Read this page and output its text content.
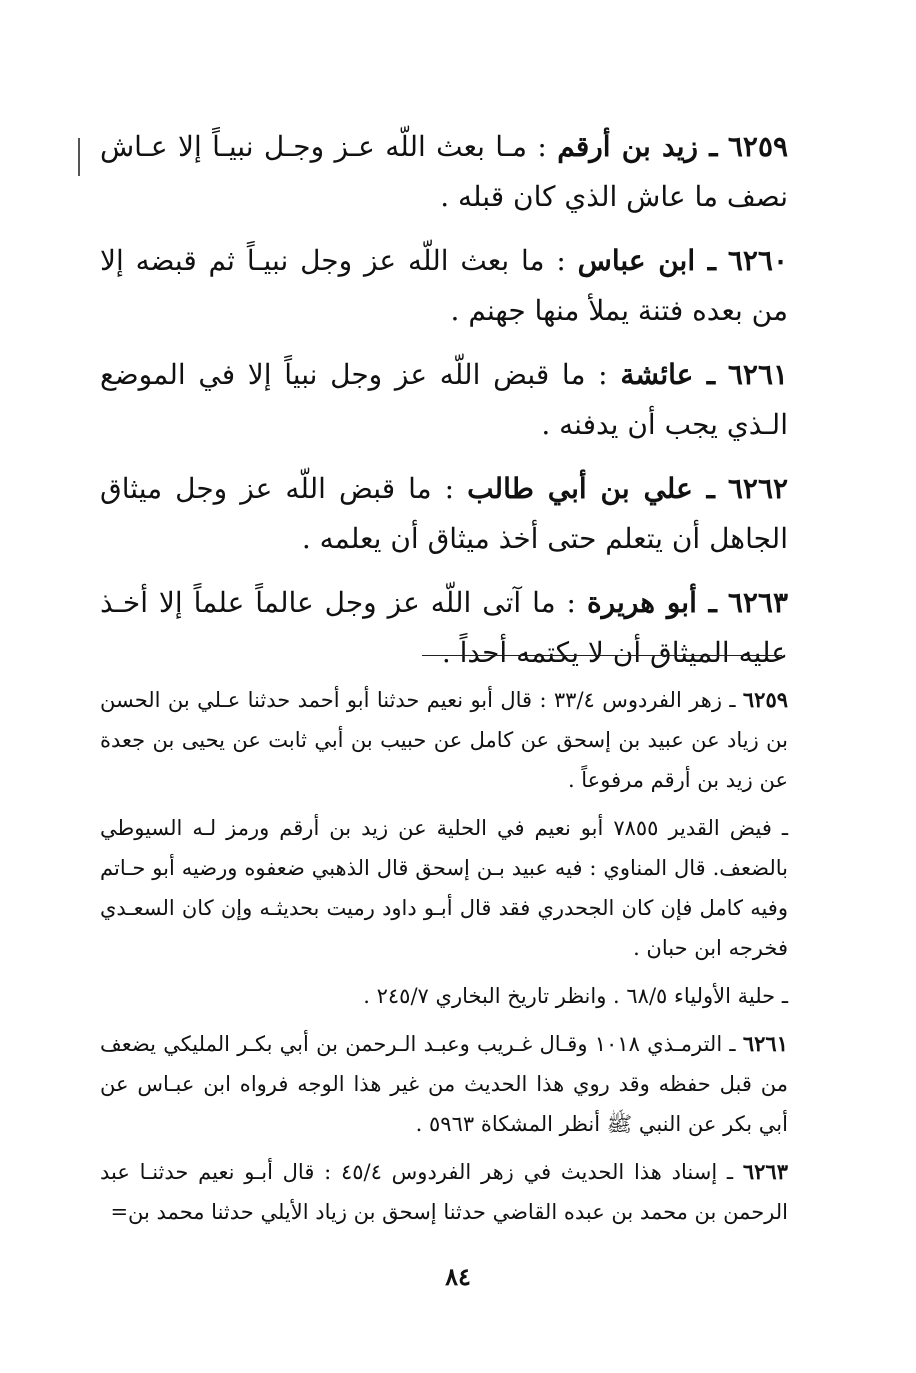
٦٢٥٩ ـ زيد بن أرقم : مـا بعث اللّه عـز وجـل نبيـاً إلا عـاش نصف ما عاش الذي كان قبله .

٦٢٦٠ ـ ابن عباس : ما بعث اللّه عز وجل نبيـاً ثم قبضه إلا من بعده فتنة يملأ منها جهنم .

٦٢٦١ ـ عائشة : ما قبض اللّه عز وجل نبياً إلا في الموضع الـذي يجب أن يدفنه .

٦٢٦٢ ـ علي بن أبي طالب : ما قبض اللّه عز وجل ميثاق الجاهل أن يتعلم حتى أخذ ميثاق أن يعلمه .

٦٢٦٣ ـ أبو هريرة : ما آتى اللّه عز وجل عالماً علماً إلا أخـذ عليه الميثاق أن لا يكتمه أحداً .

٦٢٥٩ ـ زهر الفردوس ٣٣/٤ : قال أبو نعيم حدثنا أبو أحمد حدثنا عـلي بن الحسن بن زياد عن عبيد بن إسحق عن كامل عن حبيب بن أبي ثابت عن يحيى بن جعدة عن زيد بن أرقم مرفوعاً .

ـ فيض القدير ٧٨٥٥ أبو نعيم في الحلية عن زيد بن أرقم ورمز لـه السيوطي بالضعف. قال المناوي : فيه عبيد بـن إسحق قال الذهبي ضعفوه ورضيه أبو حـاتم وفيه كامل فإن كان الجحدري فقد قال أبـو داود رميت بحديثـه وإن كان السعـدي فخرجه ابن حبان .

ـ حلية الأولياء ٦٨/٥ . وانظر تاريخ البخاري ٢٤٥/٧ .

٦٢٦١ ـ الترمـذي ١٠١٨ وقـال غـريب وعبـد الـرحمن بن أبي بكـر المليكي يضعف من قبل حفظه وقد روي هذا الحديث من غير هذا الوجه فرواه ابن عبـاس عن أبي بكر عن النبي ﷺ أنظر المشكاة ٥٩٦٣ .

٦٢٦٣ ـ إسناد هذا الحديث في زهر الفردوس ٤٥/٤ : قال أبـو نعيم حدثنـا عبد الرحمن بن محمد بن عبده القاضي حدثنا إسحق بن زياد الأيلي حدثنا محمد بن=

٨٤
